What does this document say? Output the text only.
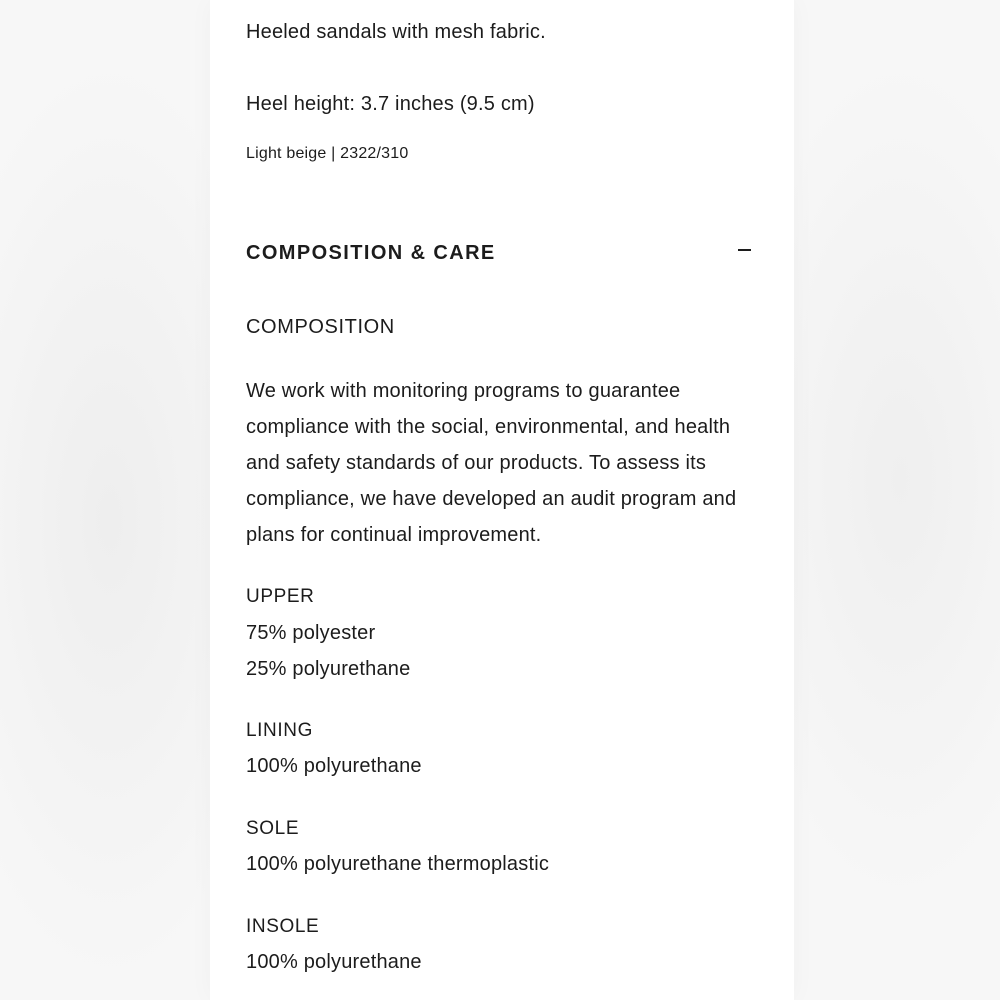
Heeled sandals with mesh fabric.

Heel height: 3.7 inches (9.5 cm)

Light beige | 2322/310

COMPOSITION & CARE

COMPOSITION

We work with monitoring programs to guarantee compliance with the social, environmental, and health and safety standards of our products. To assess its compliance, we have developed an audit program and plans for continual improvement.

UPPER

75% polyester

25% polyurethane

LINING

100% polyurethane

SOLE

100% polyurethane thermoplastic

INSOLE

100% polyurethane
